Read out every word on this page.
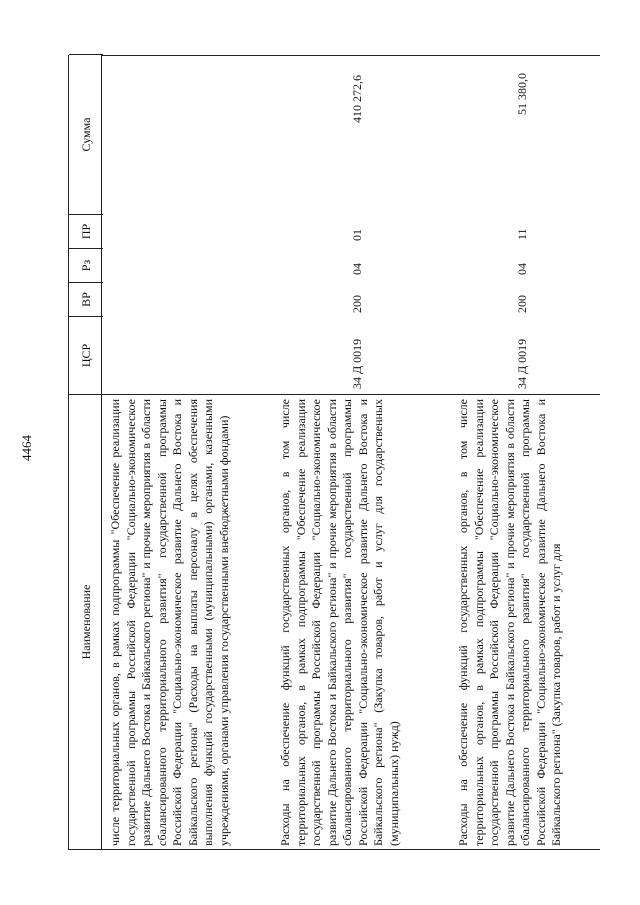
4464
Наименование
ЦСР
ВР
Рз
ПР
Сумма
числе территориальных органов, в рамках подпрограммы "Обеспечение реализации государственной программы Российской Федерации "Социально-экономическое развитие Дальнего Востока и Байкальского региона" и прочие мероприятия в области сбалансированного территориального развития" государственной программы Российской Федерации "Социально-экономическое развитие Дальнего Востока и Байкальского региона" (Расходы на выплаты персоналу в целях обеспечения выполнения функций государственными (муниципальными) органами, казенными учреждениями, органами управления государственными внебюджетными фондами)
34 Д 0019
200
04
01
410 272,6
Расходы на обеспечение функций государственных органов, в том числе территориальных органов, в рамках подпрограммы "Обеспечение реализации государственной программы Российской Федерации "Социально-экономическое развитие Дальнего Востока и Байкальского региона" и прочие мероприятия в области сбалансированного территориального развития" государственной программы Российской Федерации "Социально-экономическое развитие Дальнего Востока и Байкальского региона" (Закупка товаров, работ и услуг для государственных (муниципальных) нужд)
34 Д 0019
200
04
11
51 380,0
Расходы на обеспечение функций государственных органов, в том числе территориальных органов, в рамках подпрограммы "Обеспечение реализации государственной программы Российской Федерации "Социально-экономическое развитие Дальнего Востока и Байкальского региона" и прочие мероприятия в области сбалансированного территориального развития" государственной программы Российской Федерации "Социально-экономическое развитие Дальнего Востока и Байкальского региона" (Закупка товаров, работ и услуг для
